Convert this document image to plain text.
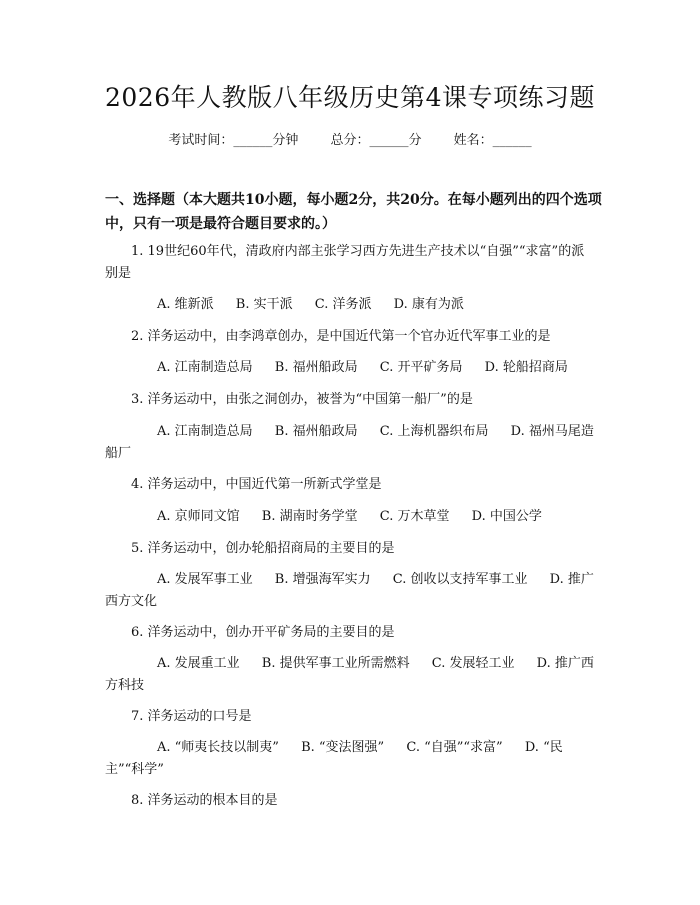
2026年人教版八年级历史第4课专项练习题
考试时间：______分钟 总分：______分 姓名：______

一、选择题（本大题共10小题，每小题2分，共20分。在每小题列出的四个选项中，只有一项是最符合题目要求的。）

1. 19世纪60年代，清政府内部主张学习西方先进生产技术以“自强”“求富”的派别是

A. 维新派 B. 实干派 C. 洋务派 D. 康有为派

2. 洋务运动中，由李鸿章创办，是中国近代第一个官办近代军事工业的是

A. 江南制造总局 B. 福州船政局 C. 开平矿务局 D. 轮船招商局

3. 洋务运动中，由张之洞创办，被誉为“中国第一船厂”的是

A. 江南制造总局 B. 福州船政局 C. 上海机器织布局 D. 福州马尾造船厂

4. 洋务运动中，中国近代第一所新式学堂是

A. 京师同文馆 B. 湖南时务学堂 C. 万木草堂 D. 中国公学

5. 洋务运动中，创办轮船招商局的主要目的是

A. 发展军事工业 B. 增强海军实力 C. 创收以支持军事工业 D. 推广西方文化

6. 洋务运动中，创办开平矿务局的主要目的是

A. 发展重工业 B. 提供军事工业所需燃料 C. 发展轻工业 D. 推广西方科技

7. 洋务运动的口号是

A. “师夷长技以制夷” B. “变法图强” C. “自强”“求富” D. “民主”“科学”

8. 洋务运动的根本目的是
